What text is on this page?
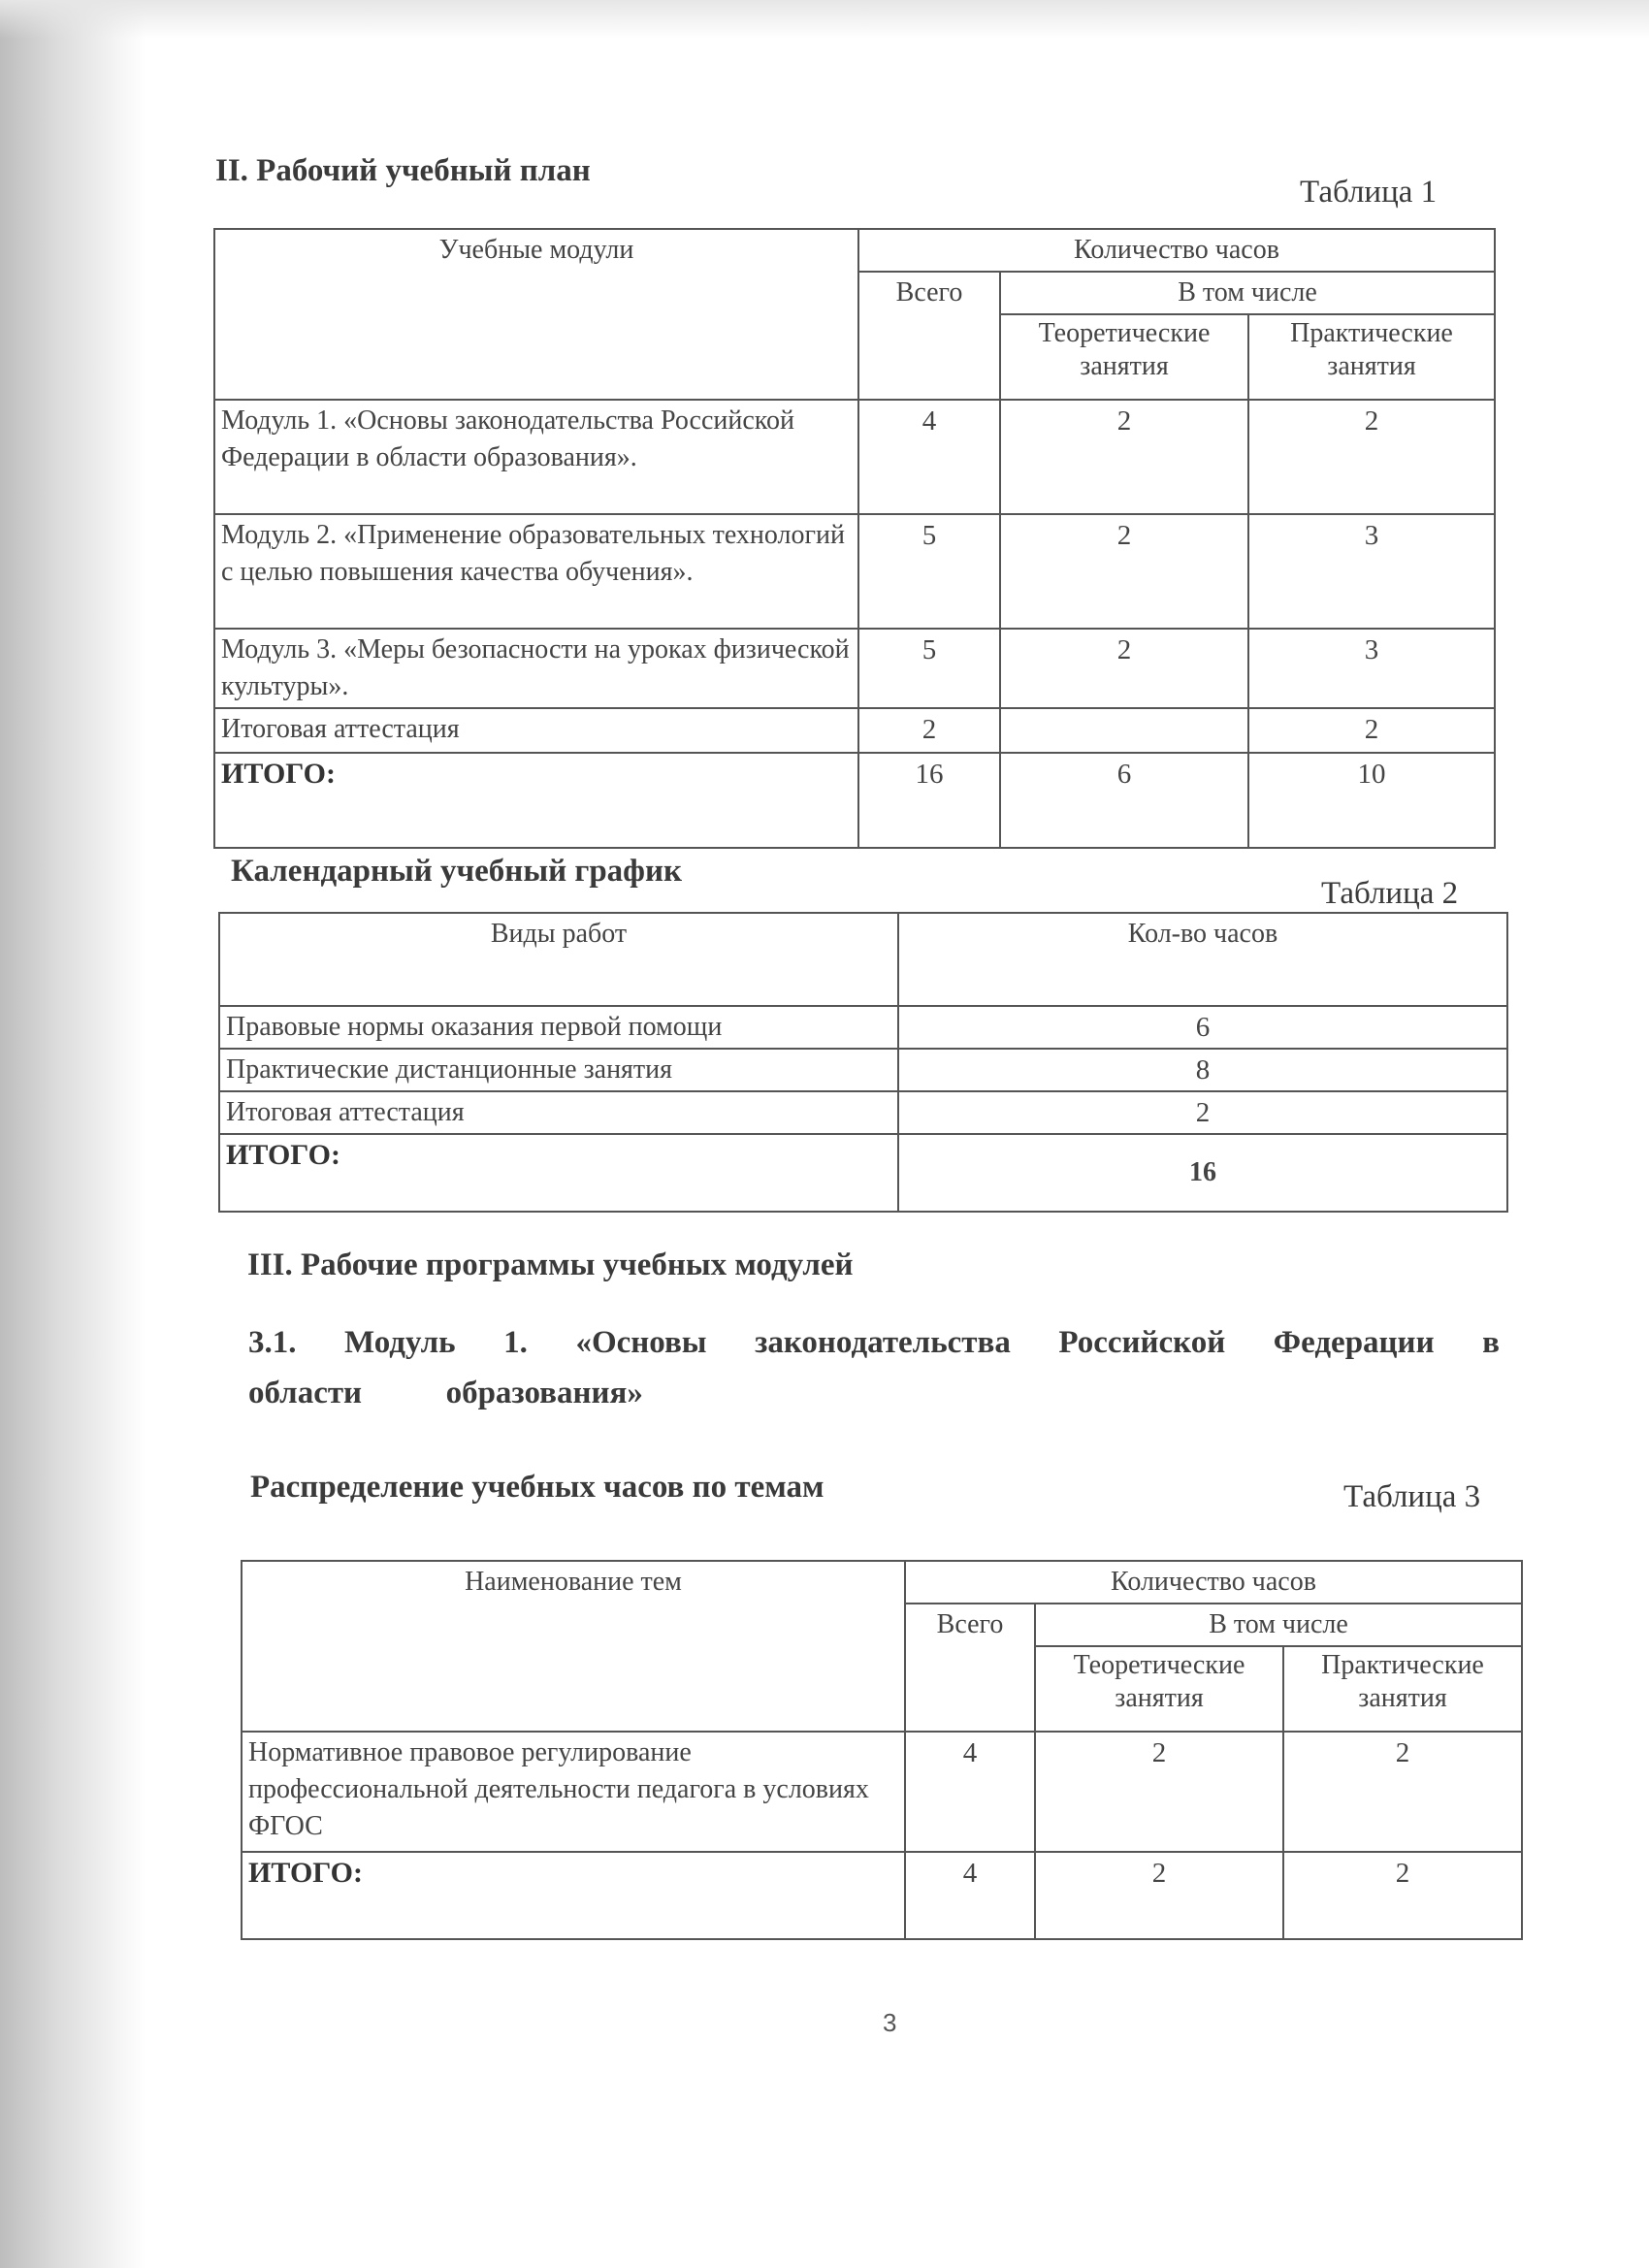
II. Рабочий учебный план
Таблица 1
Учебные модули	Количество часов		
	Всего	В том числе	
		Теоретические занятия	Практические занятия
Модуль 1. «Основы законодательства Российской Федерации в области образования».	4	2	2
Модуль 2. «Применение образовательных технологий с целью повышения качества обучения».	5	2	3
Модуль 3. «Меры безопасности на уроках физической культуры».	5	2	3
Итоговая аттестация	2		2
ИТОГО:	16	6	10
Календарный учебный график
Таблица 2
Виды работ	Кол-во часов
Правовые нормы оказания первой помощи	6
Практические дистанционные занятия	8
Итоговая аттестация	2
ИТОГО:	16
III. Рабочие программы учебных модулей
3.1. Модуль 1. «Основы законодательства Российской Федерации в
области	образования»
Распределение учебных часов по темам	Таблица 3
Наименование тем	Количество часов		
	Всего	В том числе	
		Теоретические занятия	Практические занятия
Нормативное правовое регулирование профессиональной деятельности педагога в условиях ФГОС	4	2	2
ИТОГО:	4	2	2
3
